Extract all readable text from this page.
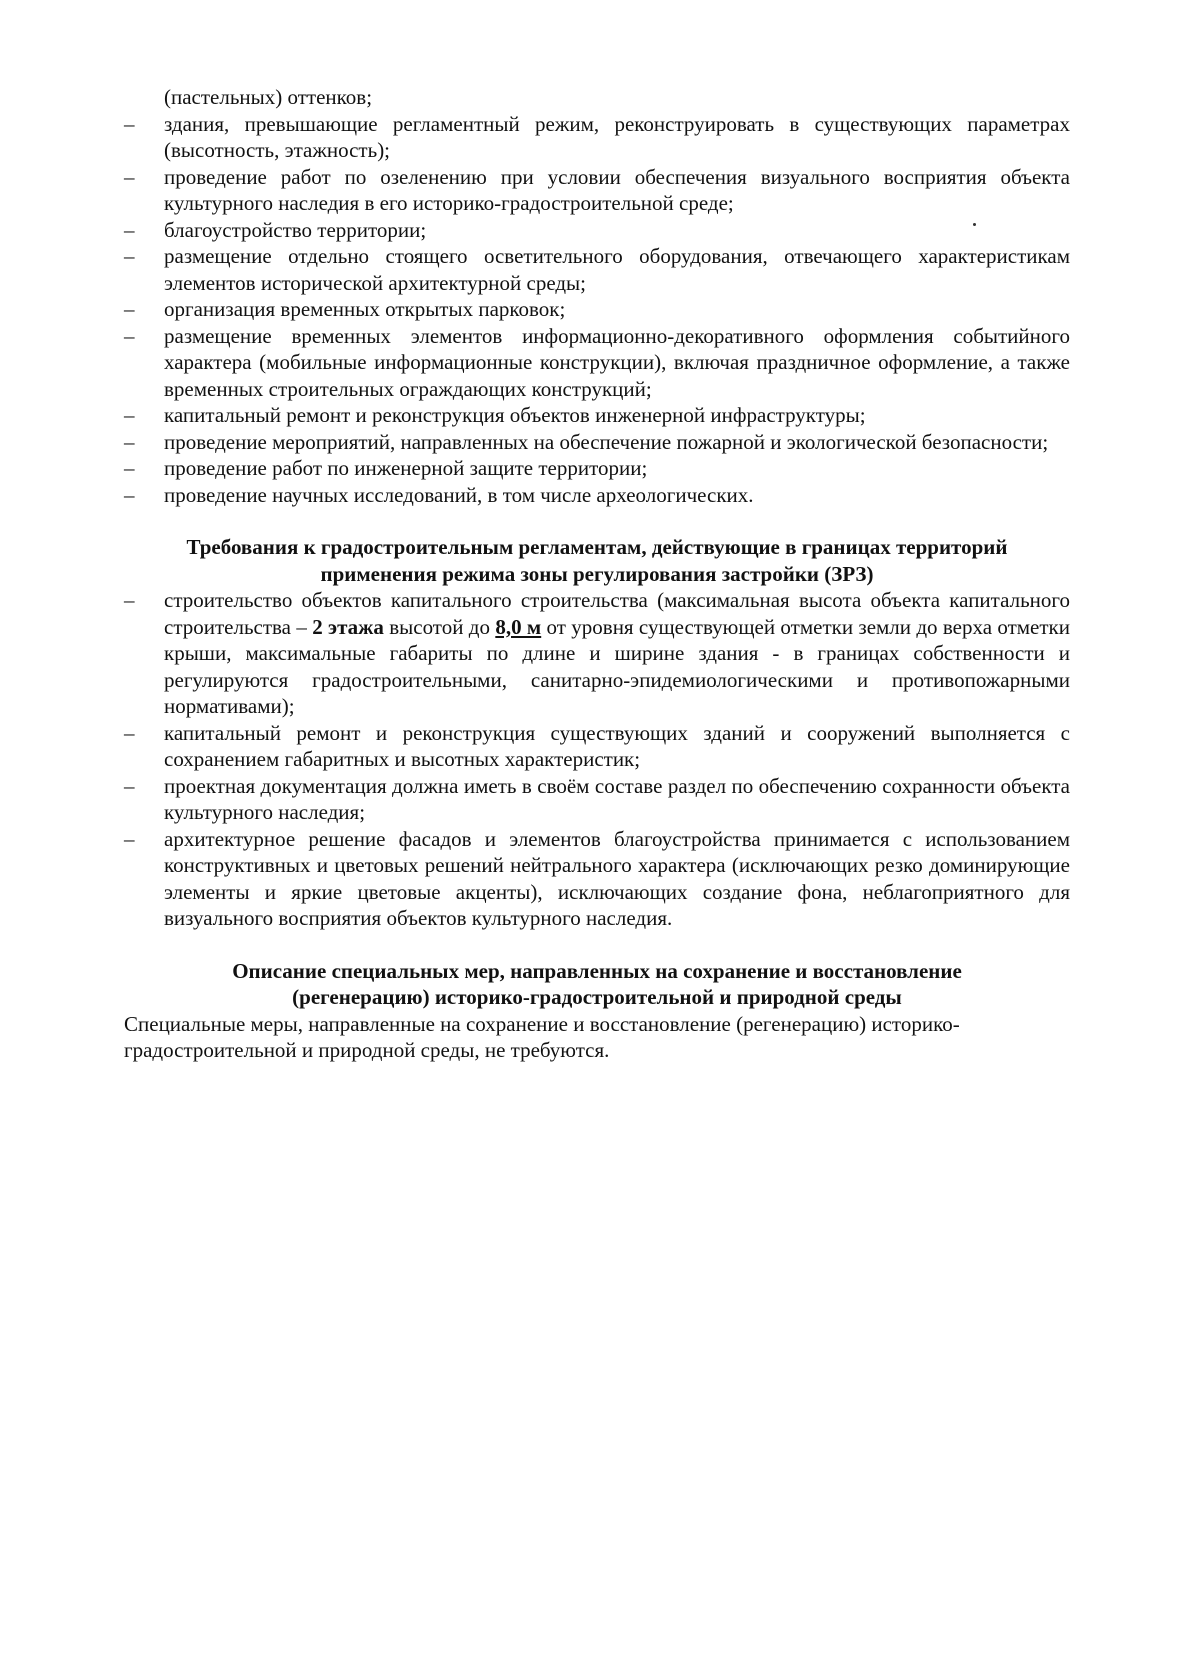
(пастельных) оттенков;
– здания, превышающие регламентный режим, реконструировать в существующих параметрах (высотность, этажность);
– проведение работ по озеленению при условии обеспечения визуального восприятия объекта культурного наследия в его историко-градостроительной среде;
– благоустройство территории;
– размещение отдельно стоящего осветительного оборудования, отвечающего характеристикам элементов исторической архитектурной среды;
– организация временных открытых парковок;
– размещение временных элементов информационно-декоративного оформления событийного характера (мобильные информационные конструкции), включая праздничное оформление, а также временных строительных ограждающих конструкций;
– капитальный ремонт и реконструкция объектов инженерной инфраструктуры;
– проведение мероприятий, направленных на обеспечение пожарной и экологической безопасности;
– проведение работ по инженерной защите территории;
– проведение научных исследований, в том числе археологических.
Требования к градостроительным регламентам, действующие в границах территорий
применения режима зоны регулирования застройки (ЗРЗ)
– строительство объектов капитального строительства (максимальная высота объекта капитального строительства – 2 этажа высотой до 8,0 м от уровня существующей отметки земли до верха отметки крыши, максимальные габариты по длине и ширине здания - в границах собственности и регулируются градостроительными, санитарно-эпидемиологическими и противопожарными нормативами);
– капитальный ремонт и реконструкция существующих зданий и сооружений выполняется с сохранением габаритных и высотных характеристик;
– проектная документация должна иметь в своём составе раздел по обеспечению сохранности объекта культурного наследия;
– архитектурное решение фасадов и элементов благоустройства принимается с использованием конструктивных и цветовых решений нейтрального характера (исключающих резко доминирующие элементы и яркие цветовые акценты), исключающих создание фона, неблагоприятного для визуального восприятия объектов культурного наследия.
Описание специальных мер, направленных на сохранение и восстановление
(регенерацию) историко-градостроительной и природной среды

Специальные меры, направленные на сохранение и восстановление (регенерацию) историко-градостроительной и природной среды, не требуются.
